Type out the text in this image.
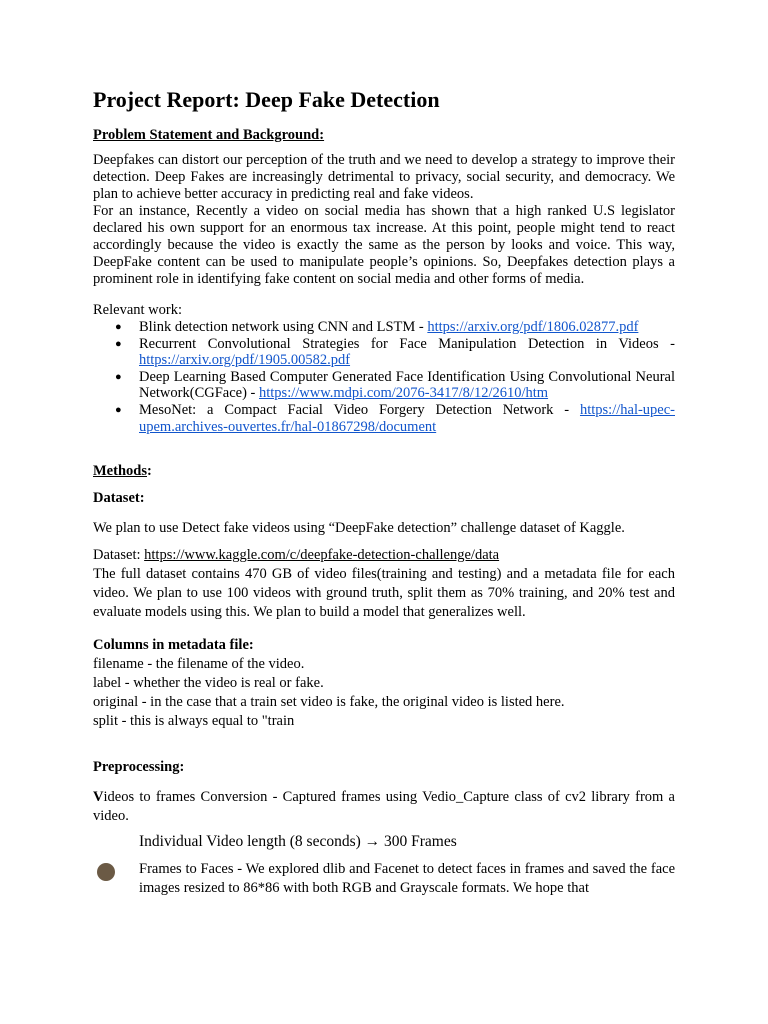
Project Report: Deep Fake Detection
Problem Statement and Background:

Deepfakes can distort our perception of the truth and we need to develop a strategy to improve their detection. Deep Fakes are increasingly detrimental to privacy, social security, and democracy. We plan to achieve better accuracy in predicting real and fake videos.

For an instance, Recently a video on social media has shown that a high ranked U.S legislator declared his own support for an enormous tax increase. At this point, people might tend to react accordingly because the video is exactly the same as the person by looks and voice. This way, DeepFake content can be used to manipulate people’s opinions. So, Deepfakes detection plays a prominent role in identifying fake content on social media and other forms of media.

Relevant work:
● Blink detection network using CNN and LSTM - https://arxiv.org/pdf/1806.02877.pdf
● Recurrent Convolutional Strategies for Face Manipulation Detection in Videos - https://arxiv.org/pdf/1905.00582.pdf
● Deep Learning Based Computer Generated Face Identification Using Convolutional Neural Network(CGFace) - https://www.mdpi.com/2076-3417/8/12/2610/htm
● MesoNet: a Compact Facial Video Forgery Detection Network - https://hal-upec-upem.archives-ouvertes.fr/hal-01867298/document
Methods:
Dataset:

We plan to use Detect fake videos using “DeepFake detection” challenge dataset of Kaggle.

Dataset: https://www.kaggle.com/c/deepfake-detection-challenge/data

The full dataset contains 470 GB of video files(training and testing) and a metadata file for each video. We plan to use 100 videos with ground truth, split them as 70% training, and 20% test and evaluate models using this. We plan to build a model that generalizes well.

Columns in metadata file:
filename - the filename of the video.
label - whether the video is real or fake.
original - in the case that a train set video is fake, the original video is listed here.
split - this is always equal to "train
Preprocessing:

Videos to frames Conversion - Captured frames using Vedio_Capture class of cv2 library from a video.

Individual Video length (8 seconds) → 300 Frames

Frames to Faces - We explored dlib and Facenet to detect faces in frames and saved the face images resized to 86*86 with both RGB and Grayscale formats. We hope that
